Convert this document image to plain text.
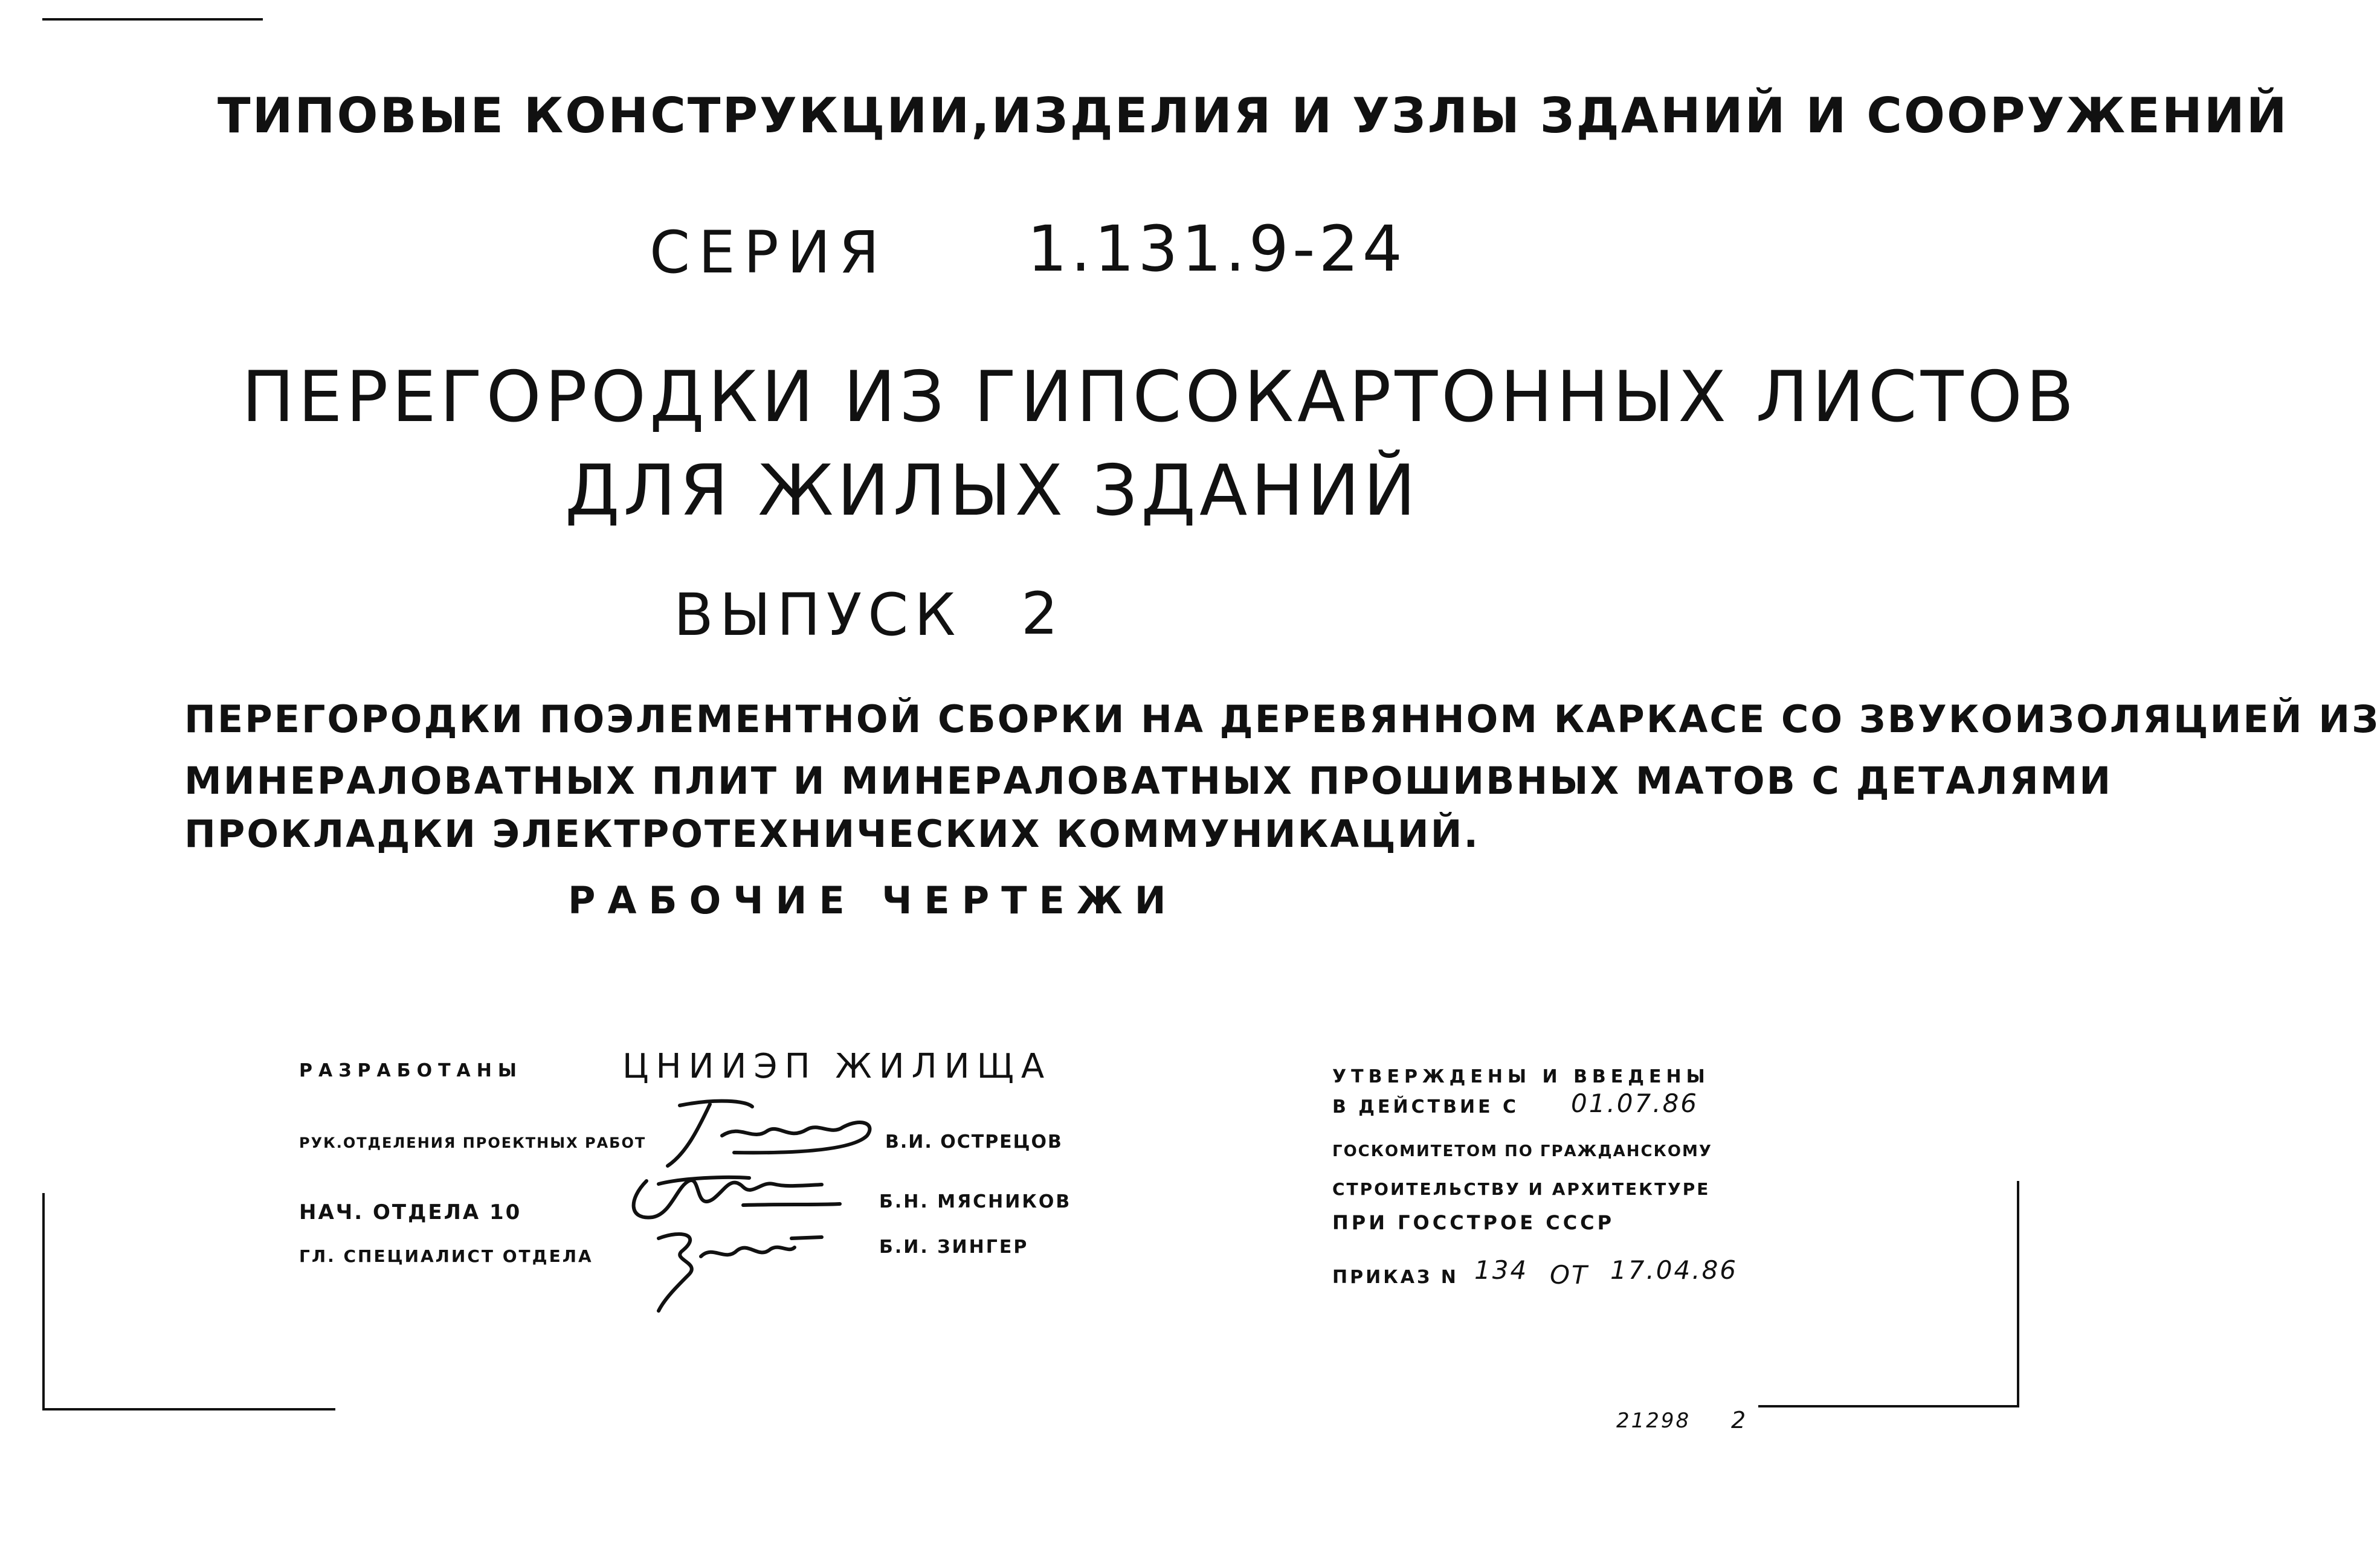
ТИПОВЫЕ КОНСТРУКЦИИ,ИЗДЕЛИЯ И УЗЛЫ ЗДАНИЙ И СООРУЖЕНИЙ
СЕРИЯ 1.131.9-24
ПЕРЕГОРОДКИ ИЗ ГИПСОКАРТОННЫХ ЛИСТОВ
ДЛЯ ЖИЛЫХ ЗДАНИЙ
ВЫПУСК 2
ПЕРЕГОРОДКИ ПОЭЛЕМЕНТНОЙ СБОРКИ НА ДЕРЕВЯННОМ КАРКАСЕ СО ЗВУКОИЗОЛЯЦИЕЙ ИЗ
МИНЕРАЛОВАТНЫХ ПЛИТ И МИНЕРАЛОВАТНЫХ ПРОШИВНЫХ МАТОВ С ДЕТАЛЯМИ
ПРОКЛАДКИ ЭЛЕКТРОТЕХНИЧЕСКИХ КОММУНИКАЦИЙ.
РАБОЧИЕ ЧЕРТЕЖИ
РАЗРАБОТАНЫ	ЦНИИЭП ЖИЛИЩА
РУК.ОТДЕЛЕНИЯ ПРОЕКТНЫХ РАБОТ	В.И. ОСТРЕЦОВ
НАЧ. ОТДЕЛА 10	Б.Н. МЯСНИКОВ
ГЛ. СПЕЦИАЛИСТ ОТДЕЛА	Б.И. ЗИНГЕР
УТВЕРЖДЕНЫ И ВВЕДЕНЫ
В ДЕЙСТВИЕ С 01.07.86
ГОСКОМИТЕТОМ ПО ГРАЖДАНСКОМУ
СТРОИТЕЛЬСТВУ И АРХИТЕКТУРЕ
ПРИ ГОССТРОЕ СССР
ПРИКАЗ N 134 ОТ 17.04.86
21298 2
